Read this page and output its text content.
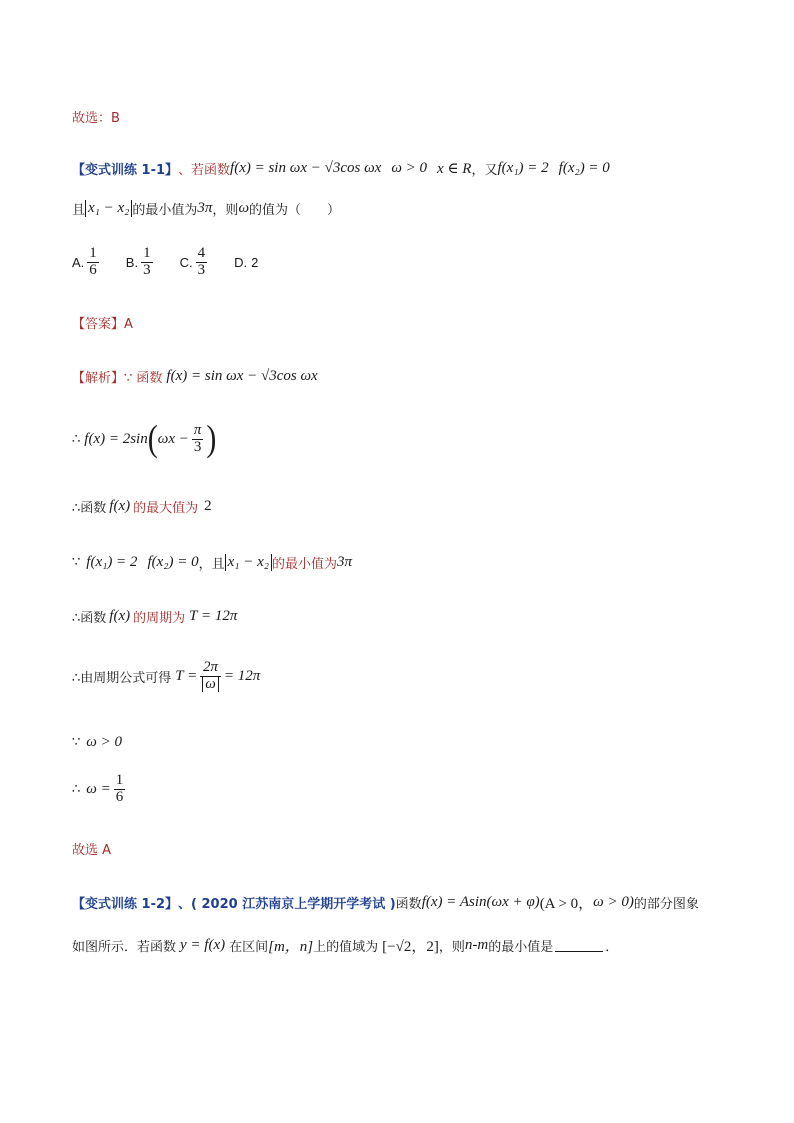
故选：B
【变式训练 1-1】 、若函数 f(x) = sin ωx − √3cos ωx ω > 0 x ∈ R ，又 f(x₁) = 2 f(x₂) = 0
且 x₁ − x₂ 的最小值为 3π ，则 ω 的值为（　　）
A. $\frac{1}{6} B$. $\frac{1}{3} C$. $\frac{4}{3} D$. 2
【答案】A
【解析】 ∵ 函数 f(x) = sin ωx − √3cos ωx
∴ f(x) = 2sin ( $\omega x - \frac{\pi}{3}$ )
∴函数 f(x) 的最大值为 2
∵ f(x₁) = 2 f(x₂) = 0 ，且 x₁ − x₂ 的最小值为 3π
∴函数 f(x) 的周期为 T = 12π
∴由周期公式可得 $T = \frac{2\pi}{\omega} = 12\pi$
∵ ω > 0
∴ $\omega = \frac{1}{6}$
故选 A
【变式训练 1-2】 、( 2020 江苏南京上学期开学考试 ) 函数 f(x) = Asin(ωx + φ) (A > 0， ω > 0) 的部分图象
如图所示．若函数 y = f(x) 在区间 [m，n] 上的值域为 [−√2，2] ，则 n-m 的最小值是	．
